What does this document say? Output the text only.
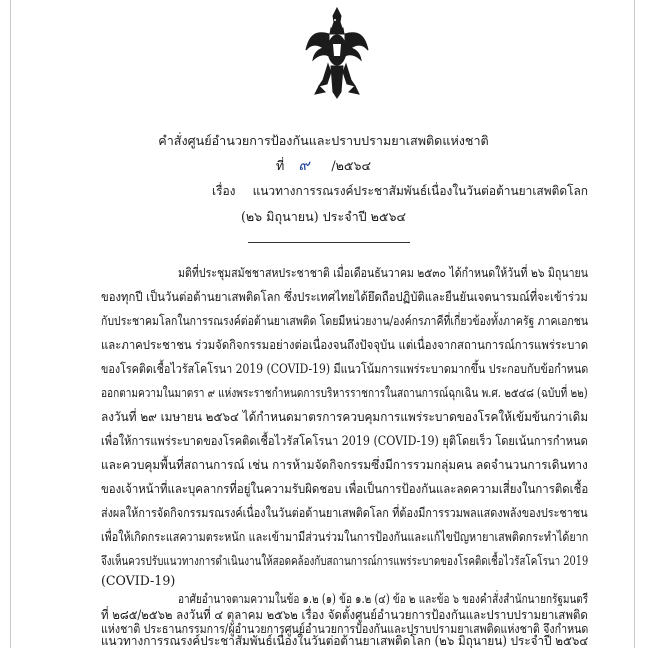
คำสั่งศูนย์อำนวยการป้องกันและปราบปรามยาเสพติดแห่งชาติ
ที่ ๙ /๒๕๖๔
เรื่อง แนวทางการรณรงค์ประชาสัมพันธ์เนื่องในวันต่อต้านยาเสพติดโลก
(๒๖ มิถุนายน) ประจำปี ๒๕๖๔
มติที่ประชุมสมัชชาสหประชาชาติ เมื่อเดือนธันวาคม ๒๕๓๐ ได้กำหนดให้วันที่ ๒๖ มิถุนายน
ของทุกปี เป็นวันต่อต้านยาเสพติดโลก ซึ่งประเทศไทยได้ยึดถือปฏิบัติและยืนยันเจตนารมณ์ที่จะเข้าร่วม
กับประชาคมโลกในการรณรงค์ต่อต้านยาเสพติด โดยมีหน่วยงาน/องค์กรภาคีที่เกี่ยวข้องทั้งภาครัฐ ภาคเอกชน
และภาคประชาชน ร่วมจัดกิจกรรมอย่างต่อเนื่องจนถึงปัจจุบัน แต่เนื่องจากสถานการณ์การแพร่ระบาด
ของโรคติดเชื้อไวรัสโคโรนา 2019 (COVID-19) มีแนวโน้มการแพร่ระบาดมากขึ้น ประกอบกับข้อกำหนด
ออกตามความในมาตรา ๙ แห่งพระราชกำหนดการบริหารราชการในสถานการณ์ฉุกเฉิน พ.ศ. ๒๕๔๘ (ฉบับที่ ๒๒)
ลงวันที่ ๒๙ เมษายน ๒๕๖๔ ได้กำหนดมาตรการควบคุมการแพร่ระบาดของโรคให้เข้มข้นกว่าเดิม
เพื่อให้การแพร่ระบาดของโรคติดเชื้อไวรัสโคโรนา 2019 (COVID-19) ยุติโดยเร็ว โดยเน้นการกำหนด
และควบคุมพื้นที่สถานการณ์ เช่น การห้ามจัดกิจกรรมซึ่งมีการรวมกลุ่มคน ลดจำนวนการเดินทาง
ของเจ้าหน้าที่และบุคลากรที่อยู่ในความรับผิดชอบ เพื่อเป็นการป้องกันและลดความเสี่ยงในการติดเชื้อ
ส่งผลให้การจัดกิจกรรมรณรงค์เนื่องในวันต่อต้านยาเสพติดโลก ที่ต้องมีการรวมพลแสดงพลังของประชาชน
เพื่อให้เกิดกระแสความตระหนัก และเข้ามามีส่วนร่วมในการป้องกันและแก้ไขปัญหายาเสพติดกระทำได้ยาก
จึงเห็นควรปรับแนวทางการดำเนินงานให้สอดคล้องกับสถานการณ์การแพร่ระบาดของโรคติดเชื้อไวรัสโคโรนา 2019
(COVID-19)
อาศัยอำนาจตามความในข้อ ๑.๒ (๑) ข้อ ๑.๒ (๔) ข้อ ๒ และข้อ ๖ ของคำสั่งสำนักนายกรัฐมนตรี
ที่ ๒๘๕/๒๕๖๒ ลงวันที่ ๔ ตุลาคม ๒๕๖๒ เรื่อง จัดตั้งศูนย์อำนวยการป้องกันและปราบปรามยาเสพติด
แห่งชาติ ประธานกรรมการ/ผู้อำนวยการศูนย์อำนวยการป้องกันและปราบปรามยาเสพติดแห่งชาติ จึงกำหนด
แนวทางการรณรงค์ประชาสัมพันธ์เนื่องในวันต่อต้านยาเสพติดโลก (๒๖ มิถุนายน) ประจำปี ๒๕๖๔
